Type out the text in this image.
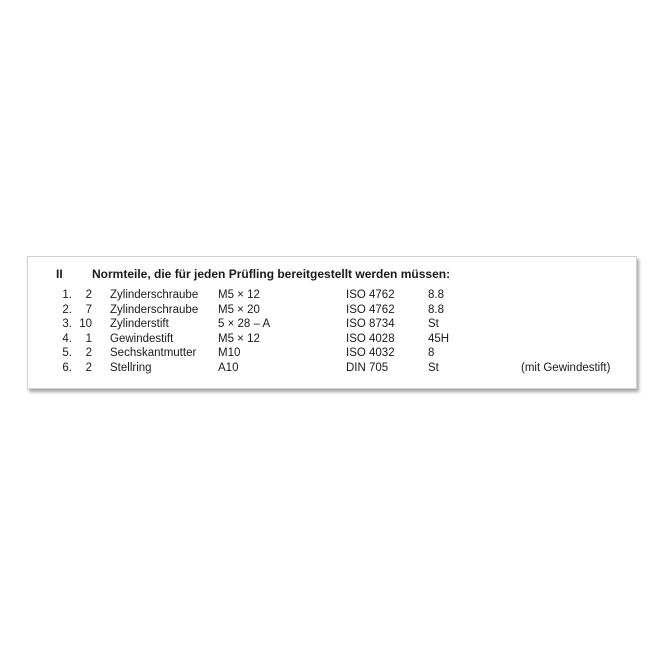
II Normteile, die für jeden Prüfling bereitgestellt werden müssen:
1.	2 Zylinderschraube M5 × 12	ISO 4762	8.8
2.	7 Zylinderschraube M5 × 20	ISO 4762	8.8
3. 10 Zylinderstift	5 × 28 – A	ISO 8734	St
4.	1 Gewindestift	M5 × 12	ISO 4028	45H
5.	2 Sechskantmutter M10	ISO 4032	8
6.	2 Stellring	A10	DIN 705	St	(mit Gewindestift)
